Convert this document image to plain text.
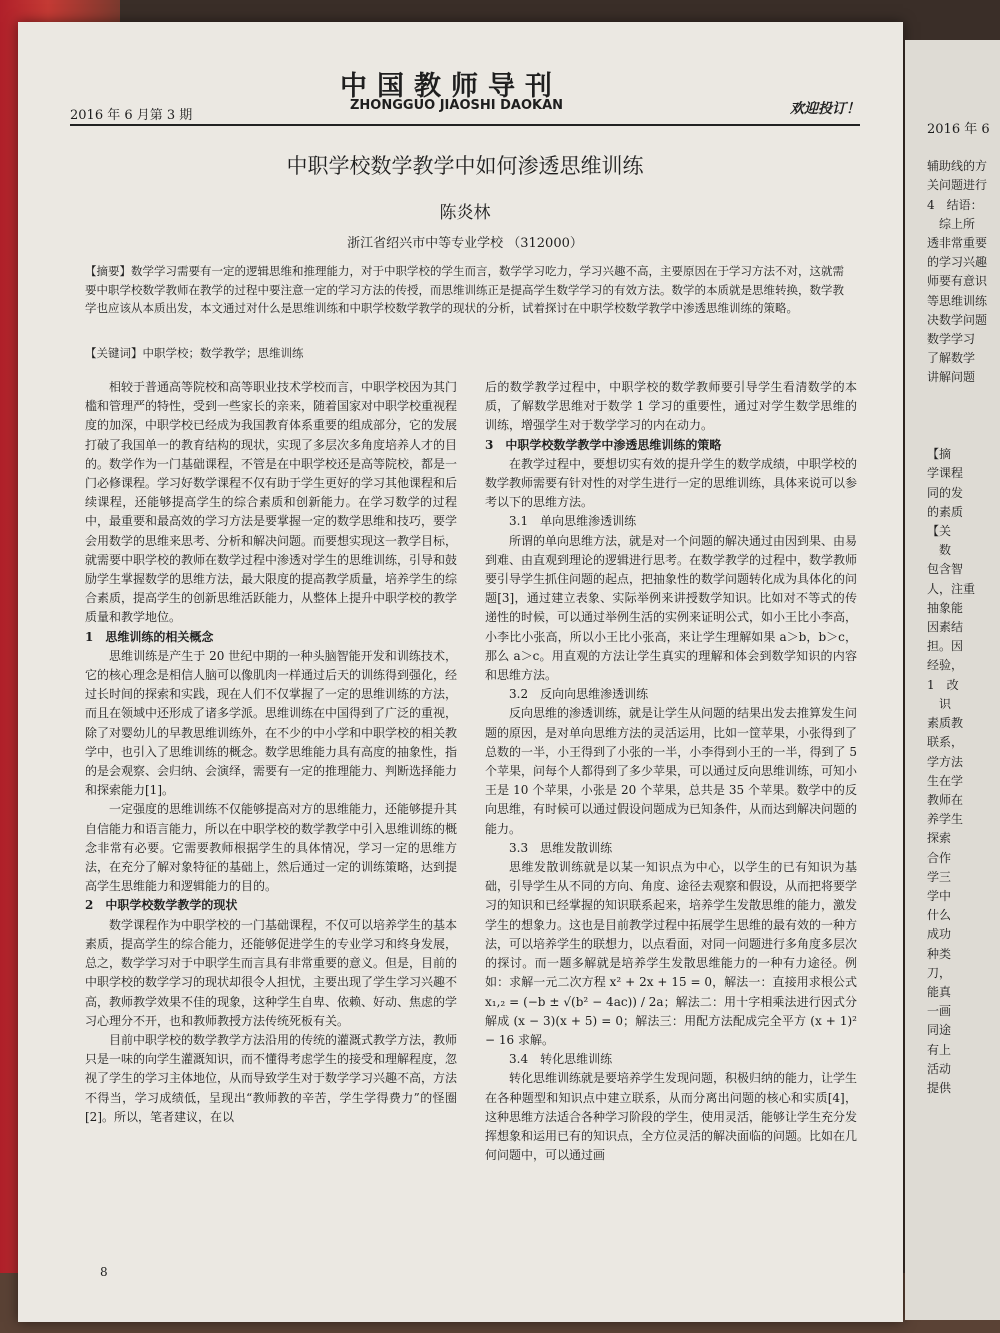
2016 年 6 月第 3 期
中国教师导刊
ZHONGGUO JIAOSHI DAOKAN	欢迎投订！
中职学校数学教学中如何渗透思维训练
陈炎林
浙江省绍兴市中等专业学校 （312000）
【摘要】数学学习需要有一定的逻辑思维和推理能力，对于中职学校的学生而言，数学学习吃力，学习兴趣不高，主要原因在于学习方法不对，这就需要中职学校数学教师在教学的过程中要注意一定的学习方法的传授，而思维训练正是提高学生数学学习的有效方法。数学的本质就是思维转换，数学教学也应该从本质出发，本文通过对什么是思维训练和中职学校数学教学的现状的分析，试着探讨在中职学校数学教学中渗透思维训练的策略。
【关键词】中职学校；数学教学；思维训练

相较于普通高等院校和高等职业技术学校而言，中职学校因为其门槛和管理严的特性，受到一些家长的亲来，随着国家对中职学校重视程度的加深，中职学校已经成为我国教育体系重要的组成部分，它的发展打破了我国单一的教育结构的现状，实现了多层次多角度培养人才的目的。数学作为一门基础课程，不管是在中职学校还是高等院校，都是一门必修课程。学习好数学课程不仅有助于学生更好的学习其他课程和后续课程，还能够提高学生的综合素质和创新能力。在学习数学的过程中，最重要和最高效的学习方法是要掌握一定的数学思维和技巧，要学会用数学的思维来思考、分析和解决问题。而要想实现这一教学目标，就需要中职学校的教师在数学过程中渗透对学生的思维训练，引导和鼓励学生掌握数学的思维方法，最大限度的提高教学质量，培养学生的综合素质，提高学生的创新思维活跃能力，从整体上提升中职学校的教学质量和教学地位。

1　思维训练的相关概念

思维训练是产生于 20 世纪中期的一种头脑智能开发和训练技术，它的核心理念是相信人脑可以像肌肉一样通过后天的训练得到强化，经过长时间的探索和实践，现在人们不仅掌握了一定的思维训练的方法，而且在领域中还形成了诸多学派。思维训练在中国得到了广泛的重视，除了对婴幼儿的早教思维训练外，在不少的中小学和中职学校的相关教学中，也引入了思维训练的概念。数学思维能力具有高度的抽象性，指的是会观察、会归纳、会演绎，需要有一定的推理能力、判断选择能力和探索能力[1]。

一定强度的思维训练不仅能够提高对方的思维能力，还能够提升其自信能力和语言能力，所以在中职学校的数学教学中引入思维训练的概念非常有必要。它需要教师根据学生的具体情况，学习一定的思维方法，在充分了解对象特征的基础上，然后通过一定的训练策略，达到提高学生思维能力和逻辑能力的目的。

2　中职学校数学教学的现状

数学课程作为中职学校的一门基础课程，不仅可以培养学生的基本素质，提高学生的综合能力，还能够促进学生的专业学习和终身发展，总之，数学学习对于中职学生而言具有非常重要的意义。但是，目前的中职学校的数学学习的现状却很令人担忧，主要出现了学生学习兴趣不高，教师教学效果不佳的现象，这种学生自卑、依赖、好动、焦虑的学习心理分不开，也和教师教授方法传统死板有关。

目前中职学校的数学教学方法沿用的传统的灌溉式教学方法，教师只是一味的向学生灌溉知识，而不懂得考虑学生的接受和理解程度，忽视了学生的学习主体地位，从而导致学生对于数学学习兴趣不高，方法不得当，学习成绩低，呈现出“教师教的辛苦，学生学得费力”的怪圈[2]。所以，笔者建议，在以

后的数学教学过程中，中职学校的数学教师要引导学生看清数学的本质，了解数学思维对于数学 1 学习的重要性，通过对学生数学思维的训练，增强学生对于数学学习的内在动力。

3　中职学校数学教学中渗透思维训练的策略

在教学过程中，要想切实有效的提升学生的数学成绩，中职学校的数学教师需要有针对性的对学生进行一定的思维训练，具体来说可以参考以下的思维方法。

3.1　单向思维渗透训练

所谓的单向思维方法，就是对一个问题的解决通过由因到果、由易到难、由直观到理论的逻辑进行思考。在数学教学的过程中，数学教师要引导学生抓住问题的起点，把抽象性的数学问题转化成为具体化的问题[3]，通过建立表象、实际举例来讲授数学知识。比如对不等式的传递性的时候，可以通过举例生活的实例来证明公式，如小王比小李高，小李比小张高，所以小王比小张高，来让学生理解如果 a＞b，b＞c，那么 a＞c。用直观的方法让学生真实的理解和体会到数学知识的内容和思维方法。

3.2　反向向思维渗透训练

反向思维的渗透训练，就是让学生从问题的结果出发去推算发生问题的原因，是对单向思维方法的灵活运用，比如一筐苹果，小张得到了总数的一半，小王得到了小张的一半，小李得到小王的一半，得到了 5 个苹果，问每个人都得到了多少苹果，可以通过反向思维训练，可知小王是 10 个苹果，小张是 20 个苹果，总共是 35 个苹果。数学中的反向思维，有时候可以通过假设问题成为已知条件，从而达到解决问题的能力。

3.3　思维发散训练

思维发散训练就是以某一知识点为中心，以学生的已有知识为基础，引导学生从不同的方向、角度、途径去观察和假设，从而把将要学习的知识和已经掌握的知识联系起来，培养学生发散思维的能力，激发学生的想象力。这也是目前教学过程中拓展学生思维的最有效的一种方法，可以培养学生的联想力，以点看面，对同一问题进行多角度多层次的探讨。而一题多解就是培养学生发散思维能力的一种有力途径。例如：求解一元二次方程 x² + 2x + 15 = 0，解法一：直接用求根公式 x₁,₂ = (−b ± √(b² − 4ac)) / 2a；解法二：用十字相乘法进行因式分解成 (x − 3)(x + 5) = 0；解法三：用配方法配成完全平方 (x + 1)² − 16 求解。

3.4　转化思维训练

转化思维训练就是要培养学生发现问题，积极归纳的能力，让学生在各种题型和知识点中建立联系，从而分离出问题的核心和实质[4]，这种思维方法适合各种学习阶段的学生，使用灵活，能够让学生充分发挥想象和运用已有的知识点，全方位灵活的解决面临的问题。比如在几何问题中，可以通过画

8
2016 年 6
辅助线的方
关问题进行
4　结语：
　综上所
透非常重要
的学习兴趣
师要有意识
等思维训练
决数学问题
数学学习
了解数学
讲解问题

【摘
学课程
同的发
的素质
【关
　数
包含智
人，注重
抽象能
因素结
担。因
经验，
1　改
　识
素质教
联系，
学方法
生在学
教师在
养学生
探索
合作
学三
学中
什么
成功
种类
刀，
能真
一画
同途
有上
活动
提供
